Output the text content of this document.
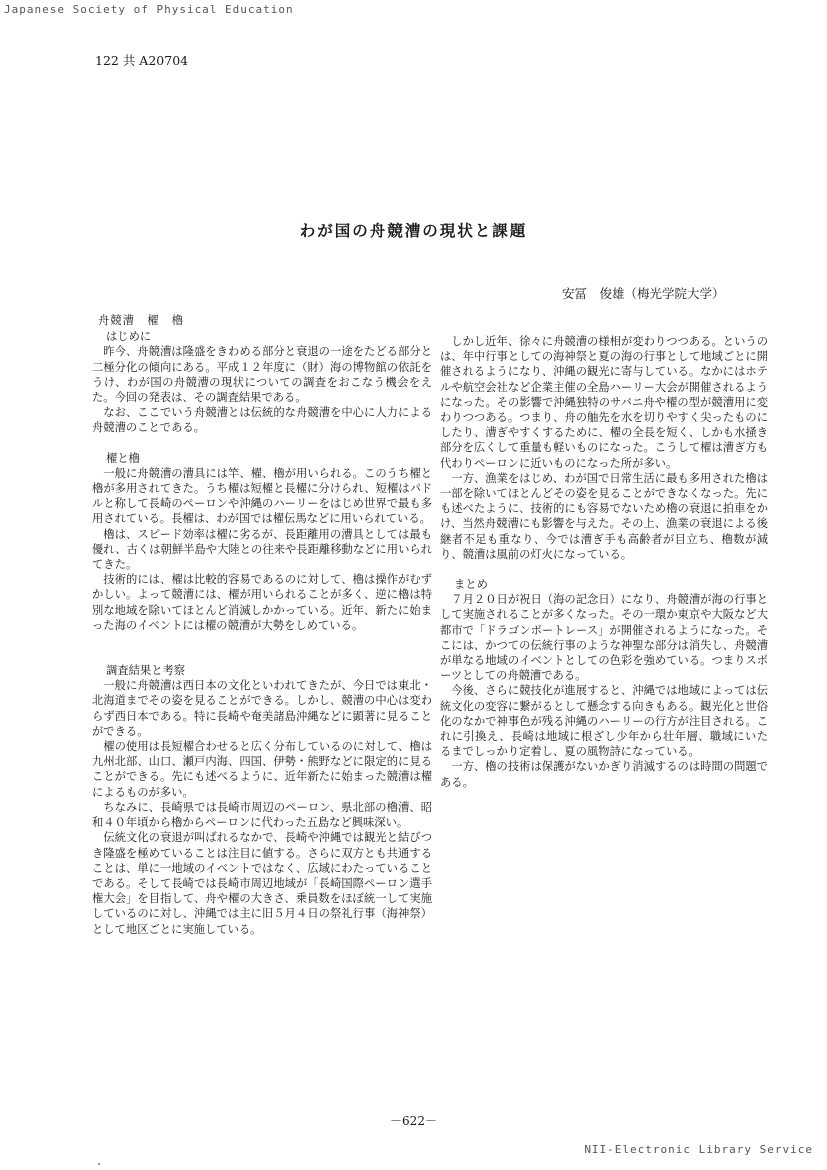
Japanese Society of Physical Education
122 共 A20704
わが国の舟競漕の現状と課題
安冨　俊雄（梅光学院大学）
舟競漕　櫂　櫓
はじめに

昨今、舟競漕は隆盛をきわめる部分と衰退の一途をたどる部分と二極分化の傾向にある。平成１２年度に（財）海の博物館の依託をうけ、わが国の舟競漕の現状についての調査をおこなう機会をえた。今回の発表は、その調査結果である。

なお、ここでいう舟競漕とは伝統的な舟競漕を中心に人力による舟競漕のことである。

櫂と櫓

一般に舟競漕の漕具には竿、櫂、櫓が用いられる。このうち櫂と櫓が多用されてきた。うち櫂は短櫂と長櫂に分けられ、短櫂はパドルと称して長崎のペーロンや沖縄のハーリーをはじめ世界で最も多用されている。長櫂は、わが国では櫂伝馬などに用いられている。

櫓は、スピード効率は櫂に劣るが、長距離用の漕具としては最も優れ、古くは朝鮮半島や大陸との往来や長距離移動などに用いられてきた。

技術的には、櫂は比較的容易であるのに対して、櫓は操作がむずかしい。よって競漕には、櫂が用いられることが多く、逆に櫓は特別な地域を除いてほとんど消滅しかかっている。近年、新たに始まった海のイベントには櫂の競漕が大勢をしめている。

調査結果と考察

一般に舟競漕は西日本の文化といわれてきたが、今日では東北・北海道までその姿を見ることができる。しかし、競漕の中心は変わらず西日本である。特に長崎や奄美諸島沖縄などに顕著に見ることができる。

櫂の使用は長短櫂合わせると広く分布しているのに対して、櫓は九州北部、山口、瀬戸内海、四国、伊勢・熊野などに限定的に見ることができる。先にも述べるように、近年新たに始まった競漕は櫂によるものが多い。

ちなみに、長崎県では長崎市周辺のペーロン、県北部の櫓漕、昭和４０年頃から櫓からペーロンに代わった五島など興味深い。

伝統文化の衰退が叫ばれるなかで、長崎や沖縄では観光と結びつき隆盛を極めていることは注目に値する。さらに双方とも共通することは、単に一地域のイベントではなく、広域にわたっていることである。そして長崎では長崎市周辺地域が「長崎国際ペーロン選手権大会」を目指して、舟や櫂の大きさ、乗員数をほぼ統一して実施しているのに対し、沖縄では主に旧５月４日の祭礼行事（海神祭）として地区ごとに実施している。

しかし近年、徐々に舟競漕の様相が変わりつつある。というのは、年中行事としての海神祭と夏の海の行事として地域ごとに開催されるようになり、沖縄の観光に寄与している。なかにはホテルや航空会社など企業主催の全島ハーリー大会が開催されるようになった。その影響で沖縄独特のサバニ舟や櫂の型が競漕用に変わりつつある。つまり、舟の舳先を水を切りやすく尖ったものにしたり、漕ぎやすくするために、櫂の全長を短く、しかも水掻き部分を広くして重量も軽いものになった。こうして櫂は漕ぎ方も代わりペーロンに近いものになった所が多い。

一方、漁業をはじめ、わが国で日常生活に最も多用された櫓は一部を除いてほとんどその姿を見ることができなくなった。先にも述べたように、技術的にも容易でないため櫓の衰退に拍車をかけ、当然舟競漕にも影響を与えた。その上、漁業の衰退による後継者不足も重なり、今では漕ぎ手も高齢者が目立ち、櫓数が減り、競漕は風前の灯火になっている。

まとめ

７月２０日が祝日（海の記念日）になり、舟競漕が海の行事として実施されることが多くなった。その一環か東京や大阪など大都市で「ドラゴンボートレース」が開催されるようになった。そこには、かつての伝統行事のような神聖な部分は消失し、舟競漕が単なる地域のイベントとしての色彩を強めている。つまりスポーツとしての舟競漕である。

今後、さらに競技化が進展すると、沖縄では地域によっては伝統文化の変容に繋がるとして懸念する向きもある。観光化と世俗化のなかで神事色が残る沖縄のハーリーの行方が注目される。これに引換え、長崎は地域に根ざし少年から壮年層、職域にいたるまでしっかり定着し、夏の風物詩になっている。

一方、櫓の技術は保護がないかぎり消滅するのは時間の問題である。

－622－
NII-Electronic Library Service
